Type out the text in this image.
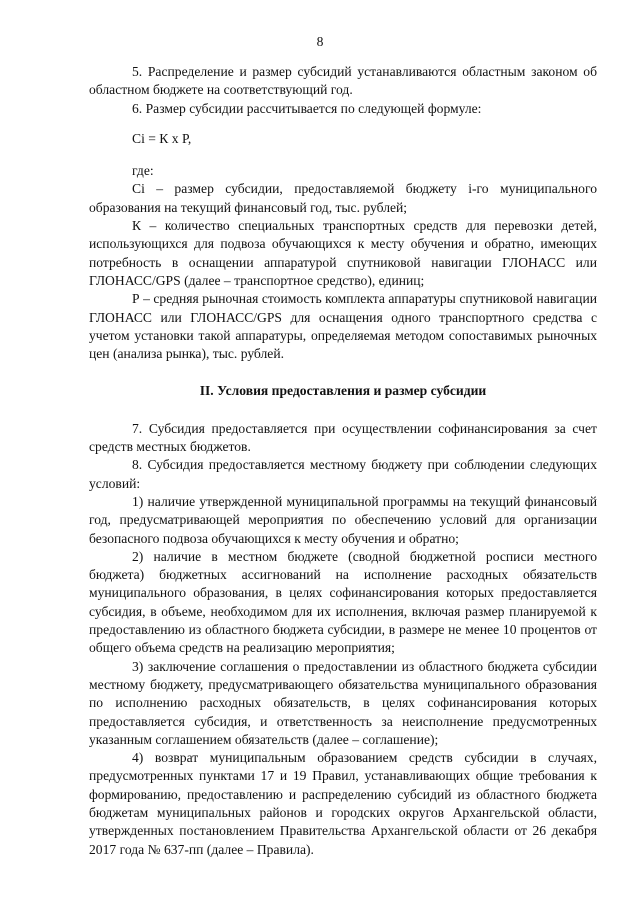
8

5. Распределение и размер субсидий устанавливаются областным законом об областном бюджете на соответствующий год.

6. Размер субсидии рассчитывается по следующей формуле:

Ci = К х Р,

где:

Ci – размер субсидии, предоставляемой бюджету i-го муниципального образования на текущий финансовый год, тыс. рублей;

К – количество специальных транспортных средств для перевозки детей, использующихся для подвоза обучающихся к месту обучения и обратно, имеющих потребность в оснащении аппаратурой спутниковой навигации ГЛОНАСС или ГЛОНАСС/GPS (далее – транспортное средство), единиц;

Р – средняя рыночная стоимость комплекта аппаратуры спутниковой навигации ГЛОНАСС или ГЛОНАСС/GPS для оснащения одного транспортного средства с учетом установки такой аппаратуры, определяемая методом сопоставимых рыночных цен (анализа рынка), тыс. рублей.

II. Условия предоставления и размер субсидии

7. Субсидия предоставляется при осуществлении софинансирования за счет средств местных бюджетов.

8. Субсидия предоставляется местному бюджету при соблюдении следующих условий:

1) наличие утвержденной муниципальной программы на текущий финансовый год, предусматривающей мероприятия по обеспечению условий для организации безопасного подвоза обучающихся к месту обучения и обратно;

2) наличие в местном бюджете (сводной бюджетной росписи местного бюджета) бюджетных ассигнований на исполнение расходных обязательств муниципального образования, в целях софинансирования которых предоставляется субсидия, в объеме, необходимом для их исполнения, включая размер планируемой к предоставлению из областного бюджета субсидии, в размере не менее 10 процентов от общего объема средств на реализацию мероприятия;

3) заключение соглашения о предоставлении из областного бюджета субсидии местному бюджету, предусматривающего обязательства муниципального образования по исполнению расходных обязательств, в целях софинансирования которых предоставляется субсидия, и ответственность за неисполнение предусмотренных указанным соглашением обязательств (далее – соглашение);

4) возврат муниципальным образованием средств субсидии в случаях, предусмотренных пунктами 17 и 19 Правил, устанавливающих общие требования к формированию, предоставлению и распределению субсидий из областного бюджета бюджетам муниципальных районов и городских округов Архангельской области, утвержденных постановлением Правительства Архангельской области от 26 декабря 2017 года № 637-пп (далее – Правила).
